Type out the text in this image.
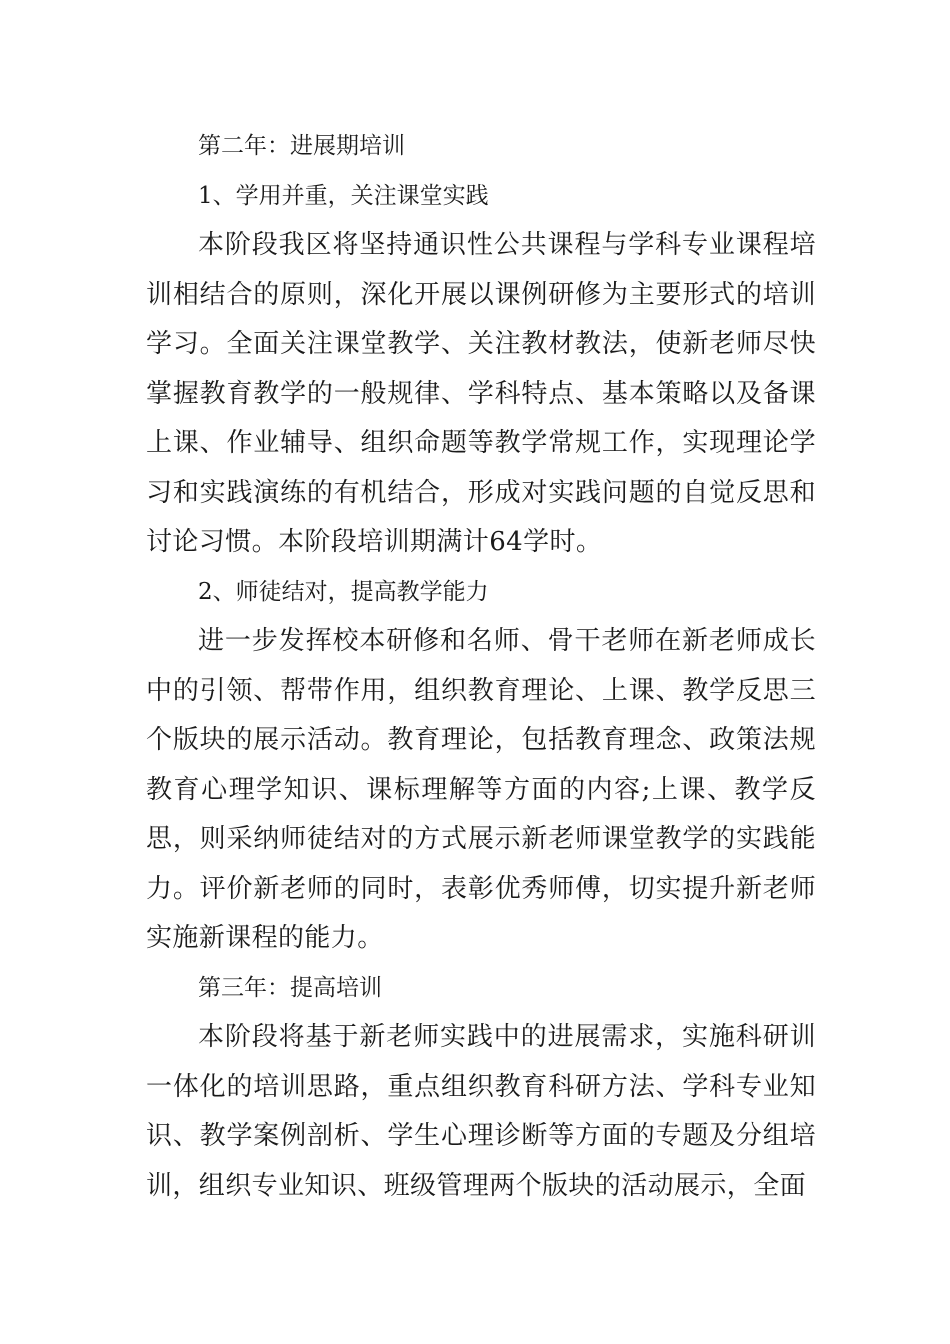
第二年：进展期培训

1、学用并重，关注课堂实践

本阶段我区将坚持通识性公共课程与学科专业课程培训相结合的原则，深化开展以课例研修为主要形式的培训学习。全面关注课堂教学、关注教材教法，使新老师尽快掌握教育教学的一般规律、学科特点、基本策略以及备课上课、作业辅导、组织命题等教学常规工作，实现理论学习和实践演练的有机结合，形成对实践问题的自觉反思和讨论习惯。本阶段培训期满计64学时。

2、师徒结对，提高教学能力

进一步发挥校本研修和名师、骨干老师在新老师成长中的引领、帮带作用，组织教育理论、上课、教学反思三个版块的展示活动。教育理论，包括教育理念、政策法规教育心理学知识、课标理解等方面的内容;上课、教学反思，则采纳师徒结对的方式展示新老师课堂教学的实践能力。评价新老师的同时，表彰优秀师傅，切实提升新老师实施新课程的能力。

第三年：提高培训

本阶段将基于新老师实践中的进展需求，实施科研训一体化的培训思路，重点组织教育科研方法、学科专业知识、教学案例剖析、学生心理诊断等方面的专题及分组培训，组织专业知识、班级管理两个版块的活动展示，全面
